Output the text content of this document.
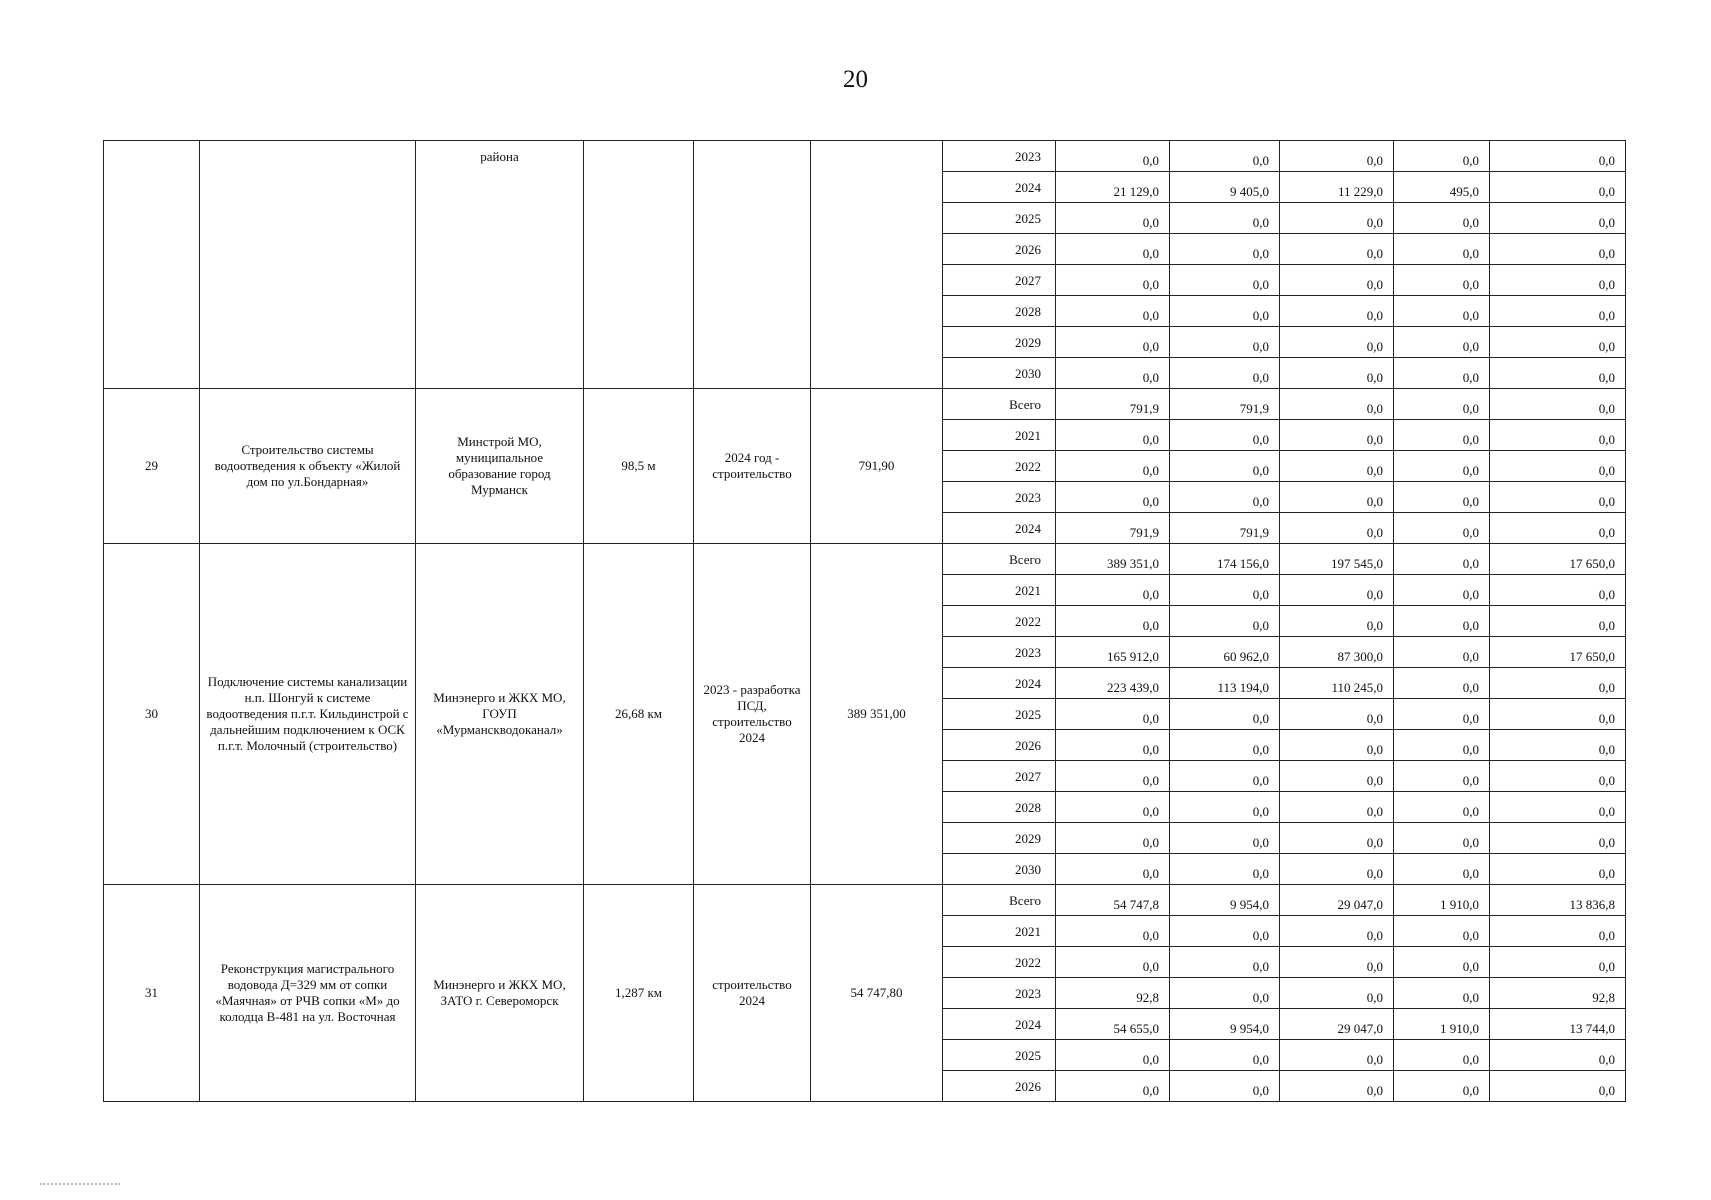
20
		района				2023	0,0	0,0	0,0	0,0	0,0
						2024	21 129,0	9 405,0	11 229,0	495,0	0,0
						2025	0,0	0,0	0,0	0,0	0,0
						2026	0,0	0,0	0,0	0,0	0,0
						2027	0,0	0,0	0,0	0,0	0,0
						2028	0,0	0,0	0,0	0,0	0,0
						2029	0,0	0,0	0,0	0,0	0,0
						2030	0,0	0,0	0,0	0,0	0,0
29	Строительство системы водоотведения к объекту «Жилой дом по ул.Бондарная»	Минстрой МО, муниципальное образование город Мурманск	98,5 м	2024 год - строительство	791,90	Всего	791,9	791,9	0,0	0,0	0,0
						2021	0,0	0,0	0,0	0,0	0,0
						2022	0,0	0,0	0,0	0,0	0,0
						2023	0,0	0,0	0,0	0,0	0,0
						2024	791,9	791,9	0,0	0,0	0,0
30	Подключение системы канализации н.п. Шонгуй к системе водоотведения п.г.т. Кильдинстрой с дальнейшим подключением к ОСК п.г.т. Молочный (строительство)	Минэнерго и ЖКХ МО, ГОУП «Мурманскводоканал»	26,68 км	2023 - разработка ПСД, строительство 2024	389 351,00	Всего	389 351,0	174 156,0	197 545,0	0,0	17 650,0
						2021	0,0	0,0	0,0	0,0	0,0
						2022	0,0	0,0	0,0	0,0	0,0
						2023	165 912,0	60 962,0	87 300,0	0,0	17 650,0
						2024	223 439,0	113 194,0	110 245,0	0,0	0,0
						2025	0,0	0,0	0,0	0,0	0,0
						2026	0,0	0,0	0,0	0,0	0,0
						2027	0,0	0,0	0,0	0,0	0,0
						2028	0,0	0,0	0,0	0,0	0,0
						2029	0,0	0,0	0,0	0,0	0,0
						2030	0,0	0,0	0,0	0,0	0,0
31	Реконструкция магистрального водовода Д=329 мм от сопки «Маячная» от РЧВ сопки «М» до колодца В-481 на ул. Восточная	Минэнерго и ЖКХ МО, ЗАТО г. Североморск	1,287 км	строительство 2024	54 747,80	Всего	54 747,8	9 954,0	29 047,0	1 910,0	13 836,8
						2021	0,0	0,0	0,0	0,0	0,0
						2022	0,0	0,0	0,0	0,0	0,0
						2023	92,8	0,0	0,0	0,0	92,8
						2024	54 655,0	9 954,0	29 047,0	1 910,0	13 744,0
						2025	0,0	0,0	0,0	0,0	0,0
						2026	0,0	0,0	0,0	0,0	0,0
